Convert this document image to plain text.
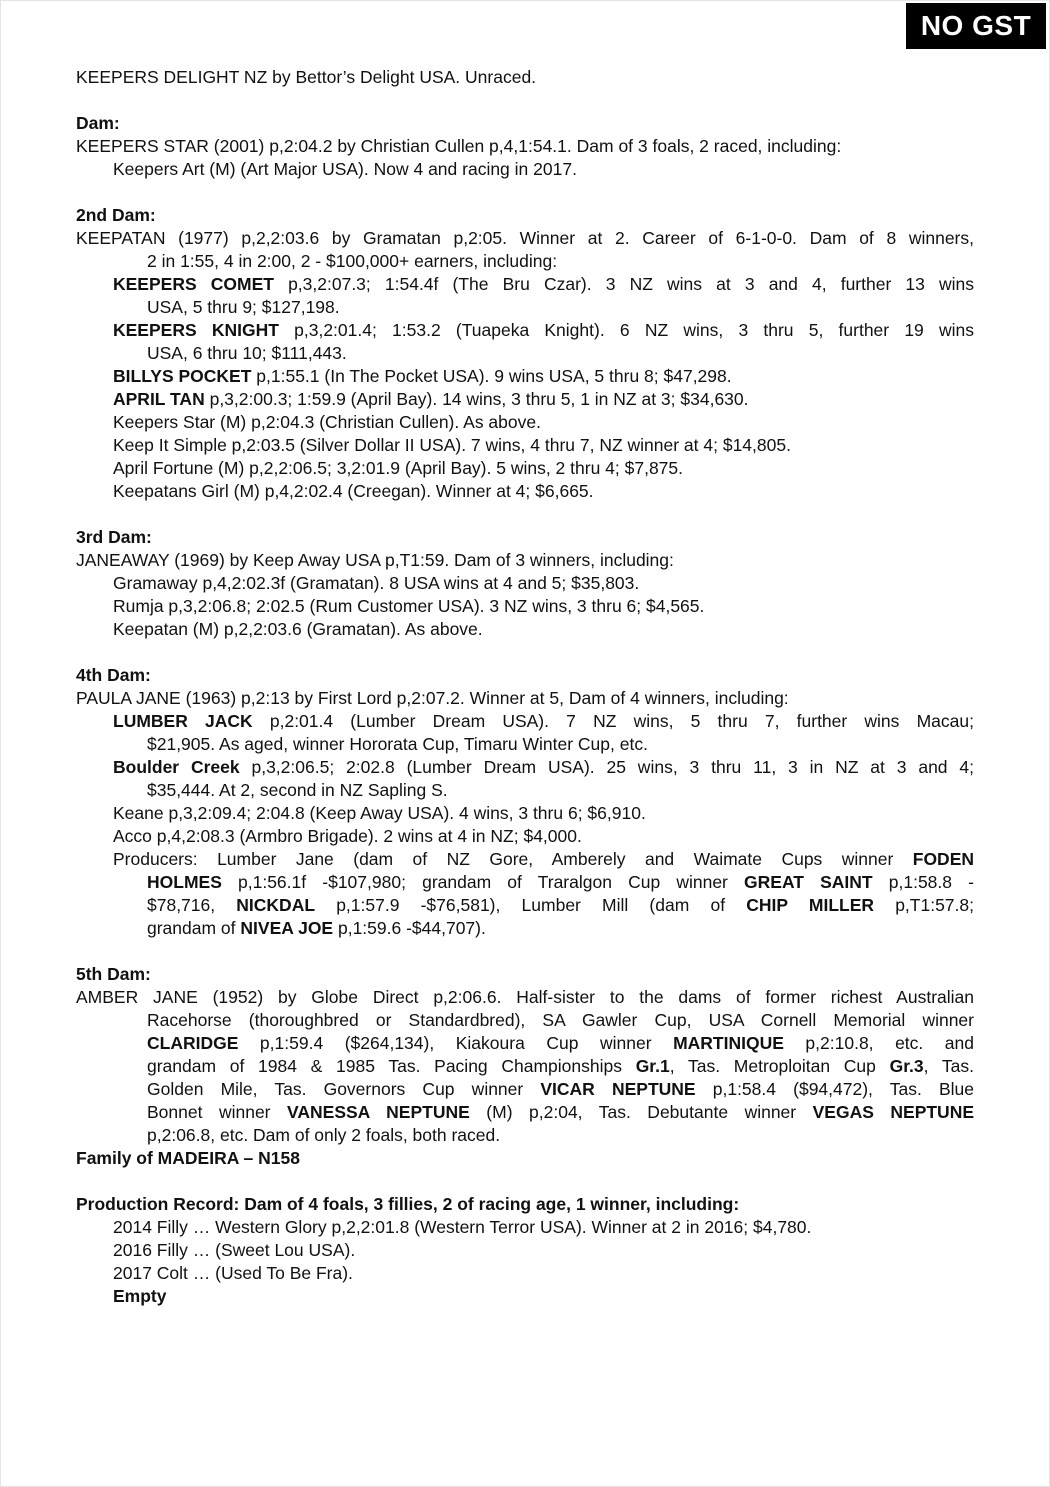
NO GST
KEEPERS DELIGHT NZ by Bettor’s Delight USA. Unraced.
Dam:
KEEPERS STAR (2001) p,2:04.2 by Christian Cullen p,4,1:54.1. Dam of 3 foals, 2 raced, including:
Keepers Art (M) (Art Major USA). Now 4 and racing in 2017.
2nd Dam:
KEEPATAN (1977) p,2,2:03.6 by Gramatan p,2:05. Winner at 2. Career of 6-1-0-0. Dam of 8 winners,
2 in 1:55, 4 in 2:00, 2 - $100,000+ earners, including:
KEEPERS COMET p,3,2:07.3; 1:54.4f (The Bru Czar). 3 NZ wins at 3 and 4, further 13 wins
USA, 5 thru 9; $127,198.
KEEPERS KNIGHT p,3,2:01.4; 1:53.2 (Tuapeka Knight). 6 NZ wins, 3 thru 5, further 19 wins
USA, 6 thru 10; $111,443.
BILLYS POCKET p,1:55.1 (In The Pocket USA). 9 wins USA, 5 thru 8; $47,298.
APRIL TAN p,3,2:00.3; 1:59.9 (April Bay). 14 wins, 3 thru 5, 1 in NZ at 3; $34,630.
Keepers Star (M) p,2:04.3 (Christian Cullen). As above.
Keep It Simple p,2:03.5 (Silver Dollar II USA). 7 wins, 4 thru 7, NZ winner at 4; $14,805.
April Fortune (M) p,2,2:06.5; 3,2:01.9 (April Bay). 5 wins, 2 thru 4; $7,875.
Keepatans Girl (M) p,4,2:02.4 (Creegan). Winner at 4; $6,665.
3rd Dam:
JANEAWAY (1969) by Keep Away USA p,T1:59. Dam of 3 winners, including:
Gramaway p,4,2:02.3f (Gramatan). 8 USA wins at 4 and 5; $35,803.
Rumja p,3,2:06.8; 2:02.5 (Rum Customer USA). 3 NZ wins, 3 thru 6; $4,565.
Keepatan (M) p,2,2:03.6 (Gramatan). As above.
4th Dam:
PAULA JANE (1963) p,2:13 by First Lord p,2:07.2. Winner at 5, Dam of 4 winners, including:
LUMBER JACK p,2:01.4 (Lumber Dream USA). 7 NZ wins, 5 thru 7, further wins Macau;
$21,905. As aged, winner Hororata Cup, Timaru Winter Cup, etc.
Boulder Creek p,3,2:06.5; 2:02.8 (Lumber Dream USA). 25 wins, 3 thru 11, 3 in NZ at 3 and 4;
$35,444. At 2, second in NZ Sapling S.
Keane p,3,2:09.4; 2:04.8 (Keep Away USA). 4 wins, 3 thru 6; $6,910.
Acco p,4,2:08.3 (Armbro Brigade). 2 wins at 4 in NZ; $4,000.
Producers: Lumber Jane (dam of NZ Gore, Amberely and Waimate Cups winner FODEN
HOLMES p,1:56.1f -$107,980; grandam of Traralgon Cup winner GREAT SAINT p,1:58.8 -
$78,716, NICKDAL p,1:57.9 -$76,581), Lumber Mill (dam of CHIP MILLER p,T1:57.8;
grandam of NIVEA JOE p,1:59.6 -$44,707).
5th Dam:
AMBER JANE (1952) by Globe Direct p,2:06.6. Half-sister to the dams of former richest Australian
Racehorse (thoroughbred or Standardbred), SA Gawler Cup, USA Cornell Memorial winner
CLARIDGE p,1:59.4 ($264,134), Kiakoura Cup winner MARTINIQUE p,2:10.8, etc. and
grandam of 1984 & 1985 Tas. Pacing Championships Gr.1, Tas. Metroploitan Cup Gr.3, Tas.
Golden Mile, Tas. Governors Cup winner VICAR NEPTUNE p,1:58.4 ($94,472), Tas. Blue
Bonnet winner VANESSA NEPTUNE (M) p,2:04, Tas. Debutante winner VEGAS NEPTUNE
p,2:06.8, etc. Dam of only 2 foals, both raced.
Family of MADEIRA – N158
Production Record: Dam of 4 foals, 3 fillies, 2 of racing age, 1 winner, including:
2014 Filly … Western Glory p,2,2:01.8 (Western Terror USA). Winner at 2 in 2016; $4,780.
2016 Filly … (Sweet Lou USA).
2017 Colt … (Used To Be Fra).
Empty
